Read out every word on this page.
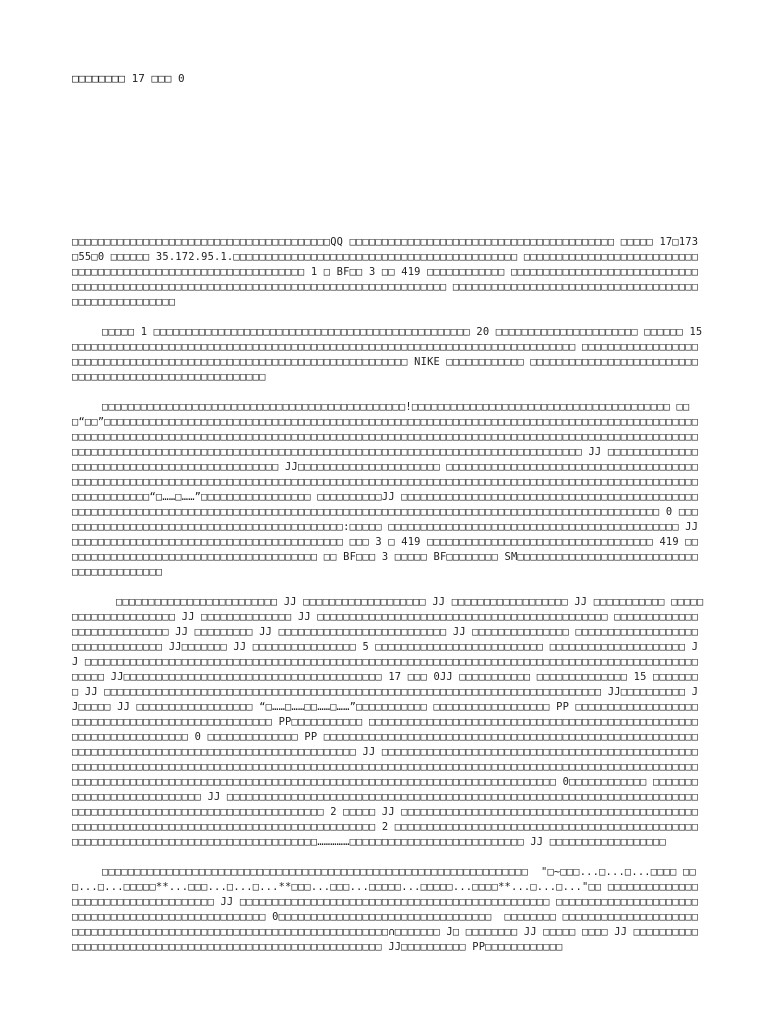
□□□□□□□□ 17 □□□ 0

□□□□□□□□□□□□□□□□□□□□□□□□□□□□□□□□□□□□□□□□QQ □□□□□□□□□□□□□□□□□□□□□□□□□□□□□□□□□□□□□□□□□ □□□□□ 17□173 □55□0 □□□□□□ 35.172.95.1.□□□□□□□□□□□□□□□□□□□□□□□□□□□□□□□□□□□□□□□□□□□□ □□□□□□□□□□□□□□□□□□□□□□□□□□□□□□□□□□□□□□□□□□□□□□□□□□□□□□□□□□□□□□□ 1 □ BF□□ 3 □□ 419 □□□□□□□□□□□□ □□□□□□□□□□□□□□□□□□□□□□□□□□□□□□□□□□□□□□□□□□□□□□□□□□□□□□□□□□□□□□□□□□□□□□□□□□□□□□□□□□□□□□□ □□□□□□□□□□□□□□□□□□□□□□□□□□□□□□□□□□□□□□□□□□□□□□□□□□□□□□

□□□□□ 1 □□□□□□□□□□□□□□□□□□□□□□□□□□□□□□□□□□□□□□□□□□□□□□□□□ 20 □□□□□□□□□□□□□□□□□□□□□□ □□□□□□ 15 □□□□□□□□□□□□□□□□□□□□□□□□□□□□□□□□□□□□□□□□□□□□□□□□□□□□□□□□□□□□□□□□□□□□□□□□□□□□□□ □□□□□□□□□□□□□□□□□□□□□□□□□□□□□□□□□□□□□□□□□□□□□□□□□□□□□□□□□□□□□□□□□□□□□□ NIKE □□□□□□□□□□□□ □□□□□□□□□□□□□□□□□□□□□□□□□□□□□□□□□□□□□□□□□□□□□□□□□□□□□□□□

□□□□□□□□□□□□□□□□□□□□□□□□□□□□□□□□□□□□□□□□□□□□□□□!□□□□□□□□□□□□□□□□□□□□□□□□□□□□□□□□□□□□□□□□ □□□“□□”□□□□□□□□□□□□□□□□□□□□□□□□□□□□□□□□□□□□□□□□□□□□□□□□□□□□□□□□□□□□□□□□□□□□□□□□□□□□□□□□□□□□□□□□□□□□□□□□□□□□□□□□□□□□□□□□□□□□□□□□□□□□□□□□□□□□□□□□□□□□□□□□□□□□□□□□□□□□□□□□□□□□□□□□□□□□□□□□□□□□□□□□□□□□□□□□□□□□□□□□□□□□□□□□□□□□□□□□□□□□□□□□□□□□□□□□□□□□□□□□□□□□□□□□□□□□□□□□□□□□□□□□□□□□ JJ □□□□□□□□□□□□□□□□□□□□□□□□□□□□□□□□□□□□□□□□□□□□□□ JJ□□□□□□□□□□□□□□□□□□□□□□ □□□□□□□□□□□□□□□□□□□□□□□□□□□□□□□□□□□□□□□□□□□□□□□□□□□□□□□□□□□□□□□□□□□□□□□□□□□□□□□□□□□□□□□□□□□□□□□□□□□□□□□□□□□□□□□□□□□□□□□□□□□□□□□□□□□□□□□□□□□□□□□□□□□□“□……□……”□□□□□□□□□□□□□□□□□ □□□□□□□□□□JJ □□□□□□□□□□□□□□□□□□□□□□□□□□□□□□□□□□□□□□□□□□□□□□□□□□□□□□□□□□□□□□□□□□□□□□□□□□□□□□□□□□□□□□□□□□□□□□□□□□□□□□□□□□□□□□□□□□□□□□□□□□□□□□□□□□□□□□□□□ 0 □□□□□□□□□□□□□□□□□□□□□□□□□□□□□□□□□□□□□□□□□□□□□:□□□□□ □□□□□□□□□□□□□□□□□□□□□□□□□□□□□□□□□□□□□□□□□□□□□ JJ □□□□□□□□□□□□□□□□□□□□□□□□□□□□□□□□□□□□□□□□□□ □□□ 3 □ 419 □□□□□□□□□□□□□□□□□□□□□□□□□□□□□□□□□□□ 419 □□□□□□□□□□□□□□□□□□□□□□□□□□□□□□□□□□□□□□□□ □□ BF□□□ 3 □□□□□ BF□□□□□□□□ SM□□□□□□□□□□□□□□□□□□□□□□□□□□□□□□□□□□□□□□□□□□

□□□□□□□□□□□□□□□□□□□□□□□□□ JJ □□□□□□□□□□□□□□□□□□□ JJ □□□□□□□□□□□□□□□□□□ JJ □□□□□□□□□□□ □□□□□□□□□□□□□□□□□□□□□ JJ □□□□□□□□□□□□□□ JJ □□□□□□□□□□□□□□□□□□□□□□□□□□□□□□□□□□□□□□□□□□□□□ □□□□□□□□□□□□□□□□□□□□□□□□□□□□ JJ □□□□□□□□□ JJ □□□□□□□□□□□□□□□□□□□□□□□□□□ JJ □□□□□□□□□□□□□□□ □□□□□□□□□□□□□□□□□□□□□□□□□□□□□□□□□ JJ□□□□□□□ JJ □□□□□□□□□□□□□□□□ 5 □□□□□□□□□□□□□□□□□□□□□□□□□□ □□□□□□□□□□□□□□□□□□□□□ JJ □□□□□□□□□□□□□□□□□□□□□□□□□□□□□□□□□□□□□□□□□□□□□□□□□□□□□□□□□□□□□□□□□□□□□□□□□□□□□□□□□□□□□□□□□□□□□□□□□□□□ JJ□□□□□□□□□□□□□□□□□□□□□□□□□□□□□□□□□□□□□□□□ 17 □□□ 0JJ □□□□□□□□□□□ □□□□□□□□□□□□□□ 15 □□□□□□□□ JJ □□□□□□□□□□□□□□□□□□□□□□□□□□□□□□□□□□□□□□□□□□□□□□□□□□□□□□□□□□□□□□□□□□□□□□□□□□□□□ JJ□□□□□□□□□□ JJ□□□□□ JJ □□□□□□□□□□□□□□□□□□ “□……□……□□……□……”□□□□□□□□□□□ □□□□□□□□□□□□□□□□□□ PP □□□□□□□□□□□□□□□□□□□□□□□□□□□□□□□□□□□□□□□□□□□□□□□□□□ PP□□□□□□□□□□□ □□□□□□□□□□□□□□□□□□□□□□□□□□□□□□□□□□□□□□□□□□□□□□□□□□□□□□□□□□□□□□□□□□□□□ 0 □□□□□□□□□□□□□□ PP □□□□□□□□□□□□□□□□□□□□□□□□□□□□□□□□□□□□□□□□□□□□□□□□□□□□□□□□□□□□□□□□□□□□□□□□□□□□□□□□□□□□□□□□□□□□□□□□□□□□□□ JJ □□□□□□□□□□□□□□□□□□□□□□□□□□□□□□□□□□□□□□□□□□□□□□□□□□□□□□□□□□□□□□□□□□□□□□□□□□□□□□□□□□□□□□□□□□□□□□□□□□□□□□□□□□□□□□□□□□□□□□□□□□□□□□□□□□□□□□□□□□□□□□□□□□□□□□□□□□□□□□□□□□□□□□□□□□□□□□□□□□□□□□□□□□□□□□□□□□□□□□□□□□□□□□□□□□□□□□□□□□□□□ 0□□□□□□□□□□□□ □□□□□□□□□□□□□□□□□□□□□□□□□□□ JJ □□□□□□□□□□□□□□□□□□□□□□□□□□□□□□□□□□□□□□□□□□□□□□□□□□□□□□□□□□□□□□□□□□□□□□□□□□□□□□□□□□□□□□□□□□□□□□□□□□□□□□□□□□□□□□□□ 2 □□□□□ JJ □□□□□□□□□□□□□□□□□□□□□□□□□□□□□□□□□□□□□□□□□□□□□□□□□□□□□□□□□□□□□□□□□□□□□□□□□□□□□□□□□□□□□□□□□□□□□ 2 □□□□□□□□□□□□□□□□□□□□□□□□□□□□□□□□□□□□□□□□□□□□□□□□□□□□□□□□□□□□□□□□□□□□□□□□□□□□□□□□□□□□□……………□□□□□□□□□□□□□□□□□□□□□□□□□□□ JJ □□□□□□□□□□□□□□□□□□

□□□□□□□□□□□□□□□□□□□□□□□□□□□□□□□□□□□□□□□□□□□□□□□□□□□□□□□□□□□□□□□□□□  "□~□□□...□...□...□□□□ □□□...□...□□□□□**...□□□...□...□...**□□□...□□□...□□□□□...□□□□□...□□□□**...□...□..."□□ □□□□□□□□□□□□□□□□□□□□□□□□□□□□□□□□□□□□ JJ □□□□□□□□□□□□□□□□□□□□□□□□□□□□□□□□□□□□□□□□□□□□□□□□ □□□□□□□□□□□□□□□□□□□□□□□□□□□□□□□□□□□□□□□□□□□□□□□□□□□□ 0□□□□□□□□□□□□□□□□□□□□□□□□□□□□□□□□□  □□□□□□□□ □□□□□□□□□□□□□□□□□□□□□□□□□□□□□□□□□□□□□□□□□□□□□□□□□□□□□□□□□□□□□□□□□□□□□□∩□□□□□□□ J□ □□□□□□□□ JJ □□□□□ □□□□ JJ □□□□□□□□□□□□□□□□□□□□□□□□□□□□□□□□□□□□□□□□□□□□□□□□□□□□□□□□□□ JJ□□□□□□□□□□ PP□□□□□□□□□□□□
